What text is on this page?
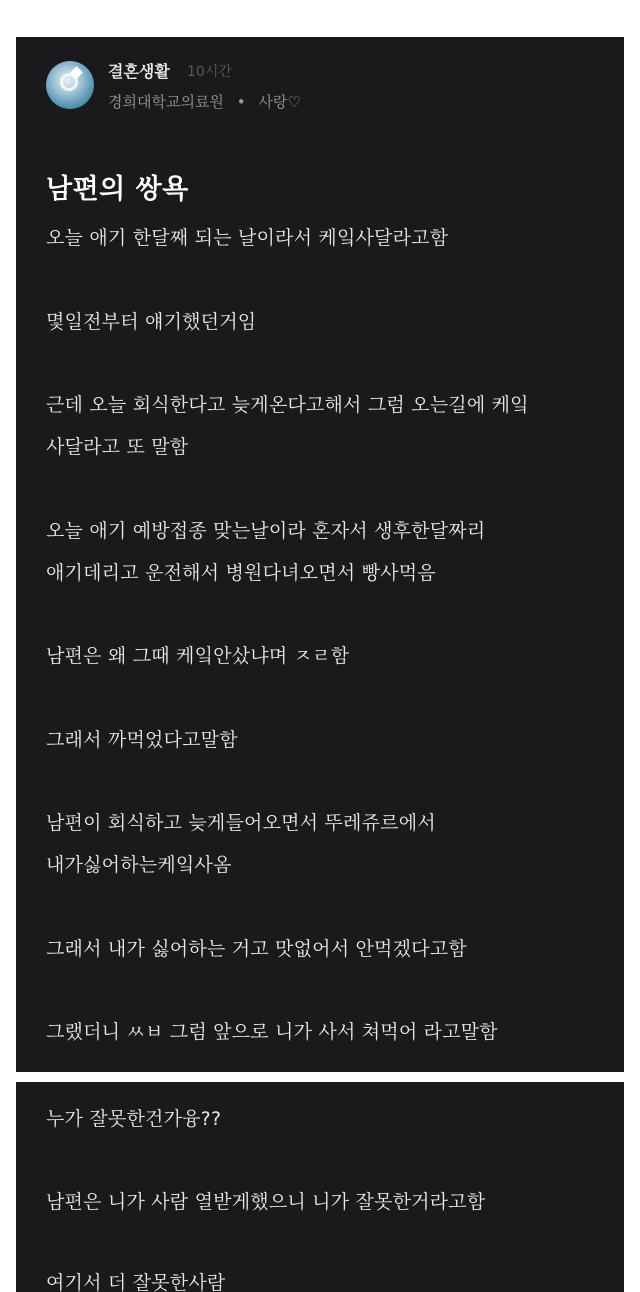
결혼생활 10시간
경희대학교의료원 • 사랑♡
남편의 쌍욕
오늘 애기 한달째 되는 날이라서 케잌사달라고함
몇일전부터 얘기했던거임
근데 오늘 회식한다고 늦게온다고해서 그럼 오는길에 케잌
사달라고 또 말함
오늘 애기 예방접종 맞는날이라 혼자서 생후한달짜리
애기데리고 운전해서 병원다녀오면서 빵사먹음
남편은 왜 그때 케잌안샀냐며 ㅈㄹ함
그래서 까먹었다고말함
남편이 회식하고 늦게들어오면서 뚜레쥬르에서
내가싫어하는케잌사옴
그래서 내가 싫어하는 거고 맛없어서 안먹겠다고함
그랬더니 ㅆㅂ 그럼 앞으로 니가 사서 쳐먹어 라고말함
누가 잘못한건가융??
남편은 니가 사람 열받게했으니 니가 잘못한거라고함
여기서 더 잘못한사람
